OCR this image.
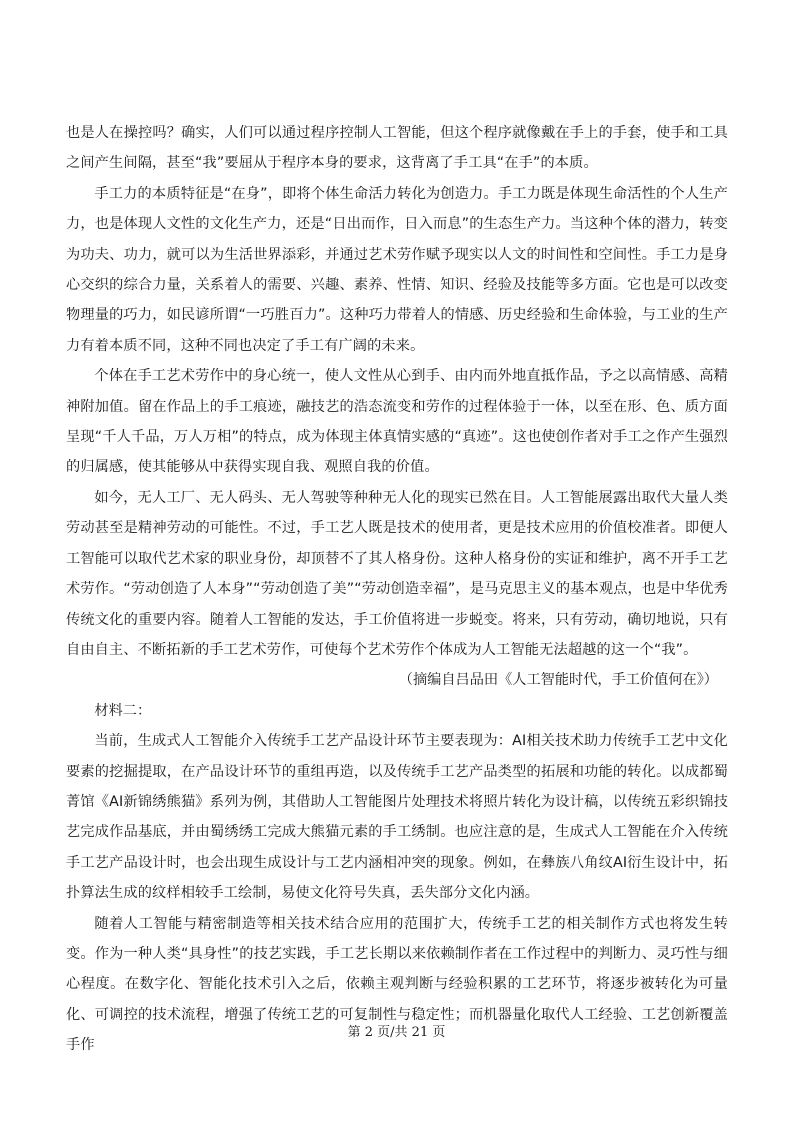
也是人在操控吗？确实，人们可以通过程序控制人工智能，但这个程序就像戴在手上的手套，使手和工具之间产生间隔，甚至“我”要屈从于程序本身的要求，这背离了手工具“在手”的本质。

手工力的本质特征是“在身”，即将个体生命活力转化为创造力。手工力既是体现生命活性的个人生产力，也是体现人文性的文化生产力，还是“日出而作，日入而息”的生态生产力。当这种个体的潜力，转变为功夫、功力，就可以为生活世界添彩，并通过艺术劳作赋予现实以人文的时间性和空间性。手工力是身心交织的综合力量，关系着人的需要、兴趣、素养、性情、知识、经验及技能等多方面。它也是可以改变物理量的巧力，如民谚所谓“一巧胜百力”。这种巧力带着人的情感、历史经验和生命体验，与工业的生产力有着本质不同，这种不同也决定了手工有广阔的未来。

个体在手工艺术劳作中的身心统一，使人文性从心到手、由内而外地直抵作品，予之以高情感、高精神附加值。留在作品上的手工痕迹，融技艺的浩态流变和劳作的过程体验于一体，以至在形、色、质方面呈现“千人千品，万人万相”的特点，成为体现主体真情实感的“真迹”。这也使创作者对手工之作产生强烈的归属感，使其能够从中获得实现自我、观照自我的价值。

如今，无人工厂、无人码头、无人驾驶等种种无人化的现实已然在目。人工智能展露出取代大量人类劳动甚至是精神劳动的可能性。不过，手工艺人既是技术的使用者，更是技术应用的价值校准者。即便人工智能可以取代艺术家的职业身份，却顶替不了其人格身份。这种人格身份的实证和维护，离不开手工艺术劳作。“劳动创造了人本身”“劳动创造了美”“劳动创造幸福”，是马克思主义的基本观点，也是中华优秀传统文化的重要内容。随着人工智能的发达，手工价值将进一步蜕变。将来，只有劳动，确切地说，只有自由自主、不断拓新的手工艺术劳作，可使每个艺术劳作个体成为人工智能无法超越的这一个“我”。

（摘编自吕品田《人工智能时代，手工价值何在》）

材料二：

当前，生成式人工智能介入传统手工艺产品设计环节主要表现为：AI相关技术助力传统手工艺中文化要素的挖掘提取，在产品设计环节的重组再造，以及传统手工艺产品类型的拓展和功能的转化。以成都蜀菁馆《AI新锦绣熊猫》系列为例，其借助人工智能图片处理技术将照片转化为设计稿，以传统五彩织锦技艺完成作品基底，并由蜀绣绣工完成大熊猫元素的手工绣制。也应注意的是，生成式人工智能在介入传统手工艺产品设计时，也会出现生成设计与工艺内涵相冲突的现象。例如，在彝族八角纹AI衍生设计中，拓扑算法生成的纹样相较手工绘制，易使文化符号失真，丢失部分文化内涵。

随着人工智能与精密制造等相关技术结合应用的范围扩大，传统手工艺的相关制作方式也将发生转变。作为一种人类“具身性”的技艺实践，手工艺长期以来依赖制作者在工作过程中的判断力、灵巧性与细心程度。在数字化、智能化技术引入之后，依赖主观判断与经验积累的工艺环节，将逐步被转化为可量化、可调控的技术流程，增强了传统工艺的可复制性与稳定性；而机器量化取代人工经验、工艺创新覆盖手作

第 2 页/共 21 页
